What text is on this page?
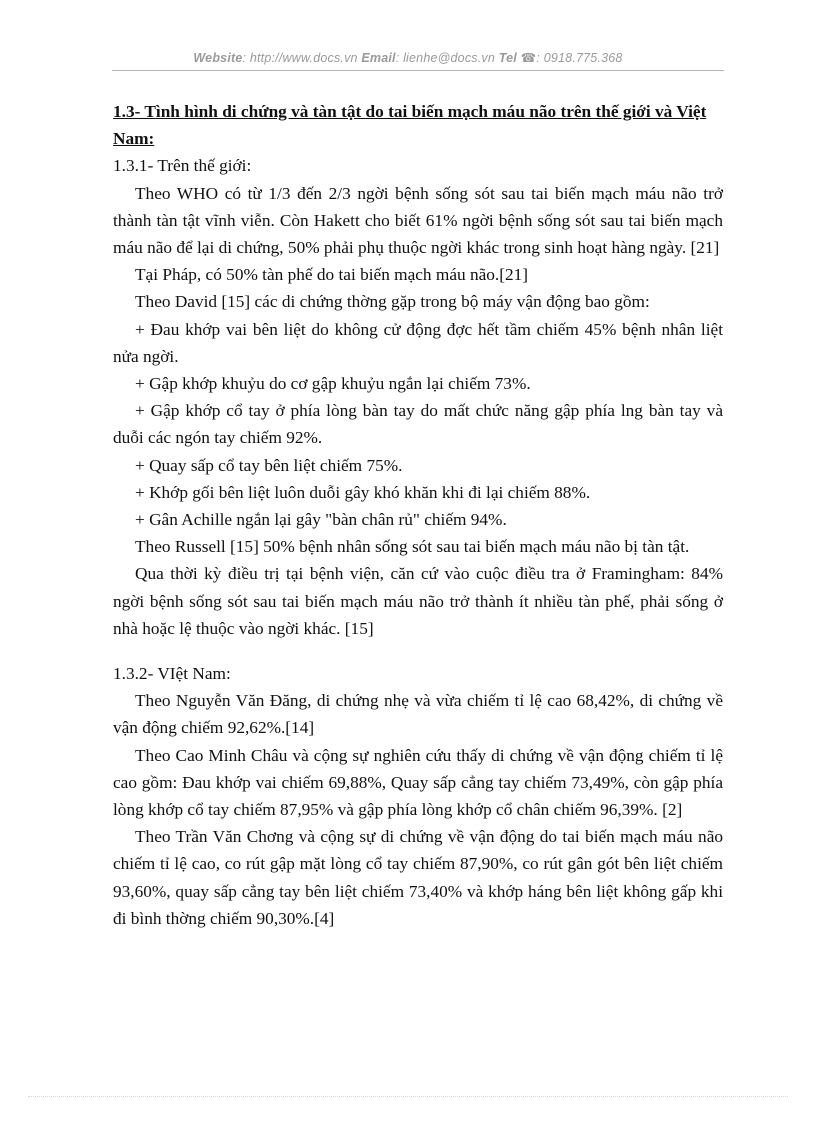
Website: http://www.docs.vn Email: lienhe@docs.vn Tel ☎: 0918.775.368

1.3- Tình hình di chứng và tàn tật do tai biến mạch máu não trên thế giới và Việt Nam:

1.3.1- Trên thế giới:

Theo WHO có từ 1/3 đến 2/3 ngời bệnh sống sót sau tai biến mạch máu não trở thành tàn tật vĩnh viễn. Còn Hakett cho biết 61% ngời bệnh sống sót sau tai biến mạch máu não để lại di chứng, 50% phải phụ thuộc ngời khác trong sinh hoạt hàng ngày. [21]

Tại Pháp, có 50% tàn phế do tai biến mạch máu não.[21]

Theo David [15] các di chứng thờng gặp trong bộ máy vận động bao gồm:

+ Đau khớp vai bên liệt do không cử động đợc hết tầm chiếm 45% bệnh nhân liệt nửa ngời.

+ Gập khớp khuỷu do cơ gập khuỷu ngắn lại chiếm 73%.

+ Gập khớp cổ tay ở phía lòng bàn tay do mất chức năng gập phía lng bàn tay và duỗi các ngón tay chiếm 92%.

+ Quay sấp cổ tay bên liệt chiếm 75%.

+ Khớp gối bên liệt luôn duỗi gây khó khăn khi đi lại chiếm 88%.

+ Gân Achille ngắn lại gây "bàn chân rủ" chiếm 94%.

Theo Russell [15] 50% bệnh nhân sống sót sau tai biến mạch máu não bị tàn tật.

Qua thời kỳ điều trị tại bệnh viện, căn cứ vào cuộc điều tra ở Framingham: 84% ngời bệnh sống sót sau tai biến mạch máu não trở thành ít nhiều tàn phế, phải sống ở nhà hoặc lệ thuộc vào ngời khác. [15]

1.3.2- VIệt Nam:

Theo Nguyễn Văn Đăng, di chứng nhẹ và vừa chiếm tỉ lệ cao 68,42%, di chứng về vận động chiếm 92,62%.[14]

Theo Cao Minh Châu và cộng sự nghiên cứu thấy di chứng về vận động chiếm tỉ lệ cao gồm: Đau khớp vai chiếm 69,88%, Quay sấp cẳng tay chiếm 73,49%, còn gập phía lòng khớp cổ tay chiếm 87,95% và gập phía lòng khớp cổ chân chiếm 96,39%. [2]

Theo Trần Văn Chơng và cộng sự di chứng về vận động do tai biến mạch máu não chiếm tỉ lệ cao, co rút gập mặt lòng cổ tay chiếm 87,90%, co rút gân gót bên liệt chiếm 93,60%, quay sấp cẳng tay bên liệt chiếm 73,40% và khớp háng bên liệt không gấp khi đi bình thờng chiếm 90,30%.[4]
